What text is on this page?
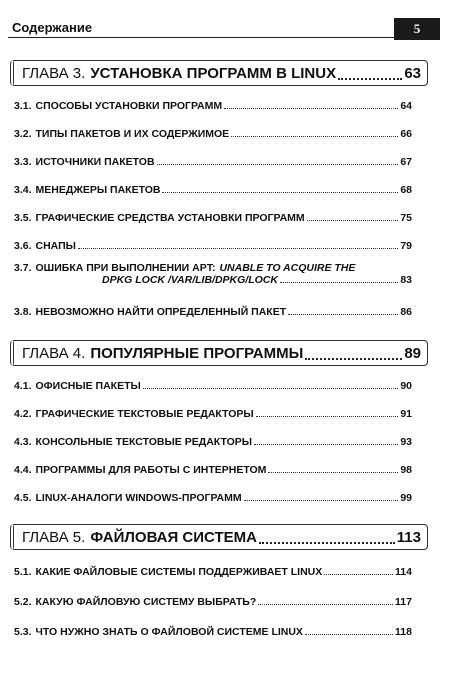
Содержание	5
ГЛАВА 3. УСТАНОВКА ПРОГРАММ В LINUX	63
3.1. СПОСОБЫ УСТАНОВКИ ПРОГРАММ	64
3.2. ТИПЫ ПАКЕТОВ И ИХ СОДЕРЖИМОЕ	66
3.3. ИСТОЧНИКИ ПАКЕТОВ	67
3.4. МЕНЕДЖЕРЫ ПАКЕТОВ	68
3.5. ГРАФИЧЕСКИЕ СРЕДСТВА УСТАНОВКИ ПРОГРАММ	75
3.6. СНАПЫ	79
3.7. ОШИБКА ПРИ ВЫПОЛНЕНИИ APT: UNABLE TO ACQUIRE THE
DPKG LOCK /VAR/LIB/DPKG/LOCK	83
3.8. НЕВОЗМОЖНО НАЙТИ ОПРЕДЕЛЕННЫЙ ПАКЕТ	86
ГЛАВА 4. ПОПУЛЯРНЫЕ ПРОГРАММЫ	89
4.1. ОФИСНЫЕ ПАКЕТЫ	90
4.2. ГРАФИЧЕСКИЕ ТЕКСТОВЫЕ РЕДАКТОРЫ	91
4.3. КОНСОЛЬНЫЕ ТЕКСТОВЫЕ РЕДАКТОРЫ	93
4.4. ПРОГРАММЫ ДЛЯ РАБОТЫ С ИНТЕРНЕТОМ	98
4.5. LINUX-АНАЛОГИ WINDOWS-ПРОГРАММ	99
ГЛАВА 5. ФАЙЛОВАЯ СИСТЕМА	113
5.1. КАКИЕ ФАЙЛОВЫЕ СИСТЕМЫ ПОДДЕРЖИВАЕТ LINUX	114
5.2. КАКУЮ ФАЙЛОВУЮ СИСТЕМУ ВЫБРАТЬ?	117
5.3. ЧТО НУЖНО ЗНАТЬ О ФАЙЛОВОЙ СИСТЕМЕ LINUX	118
